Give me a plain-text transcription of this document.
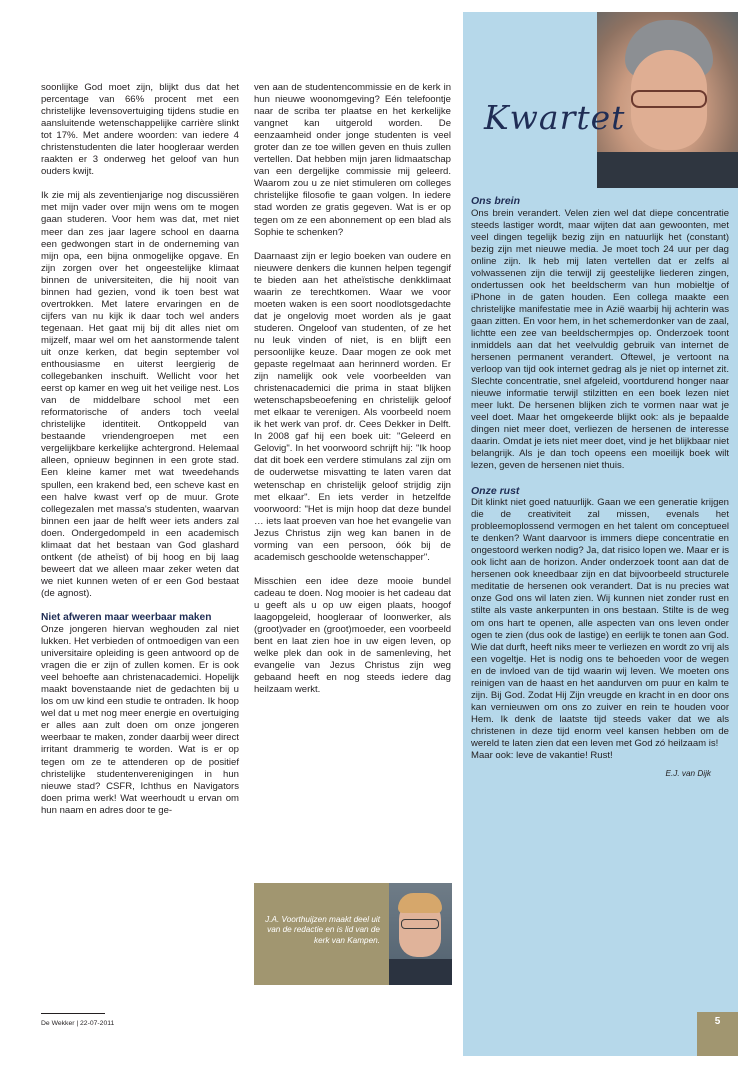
soonlijke God moet zijn, blijkt dus dat het percentage van 66% procent met een christelijke levensovertuiging tijdens studie en aansluitende wetenschappelijke carrière slinkt tot 17%. Met andere woorden: van iedere 4 christenstudenten die later hoogleraar werden raakten er 3 onderweg het geloof van hun ouders kwijt.

Ik zie mij als zeventienjarige nog discussiëren met mijn vader over mijn wens om te mogen gaan studeren. Voor hem was dat, met niet meer dan zes jaar lagere school en daarna een gedwongen start in de onderneming van mijn opa, een bijna onmogelijke opgave. En zijn zorgen over het ongeestelijke klimaat binnen de universiteiten, die hij nooit van binnen had gezien, vond ik toen best wat overtrokken. Met latere ervaringen en de cijfers van nu kijk ik daar toch wel anders tegenaan. Het gaat mij bij dit alles niet om mijzelf, maar wel om het aanstormende talent uit onze kerken, dat begin september vol enthousiasme en uiterst leergierig de collegebanken inschuift. Wellicht voor het eerst op kamer en weg uit het veilige nest. Los van de middelbare school met een reformatorische of anders toch veelal christelijke identiteit. Ontkoppeld van bestaande vriendengroepen met een vergelijkbare kerkelijke achtergrond. Helemaal alleen, opnieuw beginnen in een grote stad. Een kleine kamer met wat tweedehands spullen, een krakend bed, een scheve kast en een halve kwast verf op de muur. Grote collegezalen met massa's studenten, waarvan binnen een jaar de helft weer iets anders zal doen. Ondergedompeld in een academisch klimaat dat het bestaan van God glashard ontkent (de atheïst) of bij hoog en bij laag beweert dat we alleen maar zeker weten dat we niet kunnen weten of er een God bestaat (de agnost).

Niet afweren maar weerbaar maken

Onze jongeren hiervan weghouden zal niet lukken. Het verbieden of ontmoedigen van een universitaire opleiding is geen antwoord op de vragen die er zijn of zullen komen. Er is ook veel behoefte aan christenacademici. Hopelijk maakt bovenstaande niet de gedachten bij u los om uw kind een studie te ontraden. Ik hoop wel dat u met nog meer energie en overtuiging er alles aan zult doen om onze jongeren weerbaar te maken, zonder daarbij weer direct irritant drammerig te worden. Wat is er op tegen om ze te attenderen op de positief christelijke studentenverenigingen in hun nieuwe stad? CSFR, Ichthus en Navigators doen prima werk! Wat weerhoudt u ervan om hun naam en adres door te ge-

ven aan de studentencommissie en de kerk in hun nieuwe woonomgeving? Eén telefoontje naar de scriba ter plaatse en het kerkelijke vangnet kan uitgerold worden. De eenzaamheid onder jonge studenten is veel groter dan ze toe willen geven en thuis zullen vertellen. Dat hebben mijn jaren lidmaatschap van een dergelijke commissie mij geleerd. Waarom zou u ze niet stimuleren om colleges christelijke filosofie te gaan volgen. In iedere stad worden ze gratis gegeven. Wat is er op tegen om ze een abonnement op een blad als Sophie te schenken?

Daarnaast zijn er legio boeken van oudere en nieuwere denkers die kunnen helpen tegengif te bieden aan het atheïstische denkklimaat waarin ze terechtkomen. Waar we voor moeten waken is een soort noodlotsgedachte dat je ongelovig moet worden als je gaat studeren. Ongeloof van studenten, of ze het nu leuk vinden of niet, is en blijft een persoonlijke keuze. Daar mogen ze ook met gepaste regelmaat aan herinnerd worden. Er zijn namelijk ook vele voorbeelden van christenacademici die prima in staat blijken wetenschapsbeoefening en christelijk geloof met elkaar te verenigen. Als voorbeeld noem ik het werk van prof. dr. Cees Dekker in Delft. In 2008 gaf hij een boek uit: "Geleerd en Gelovig". In het voorwoord schrijft hij: "Ik hoop dat dit boek een verdere stimulans zal zijn om de ouderwetse misvatting te laten varen dat wetenschap en christelijk geloof strijdig zijn met elkaar". En iets verder in hetzelfde voorwoord: "Het is mijn hoop dat deze bundel … iets laat proeven van hoe het evangelie van Jezus Christus zijn weg kan banen in de vorming van een persoon, óók bij de academisch geschoolde wetenschapper".

Misschien een idee deze mooie bundel cadeau te doen. Nog mooier is het cadeau dat u geeft als u op uw eigen plaats, hoogof laagopgeleid, hoogleraar of loonwerker, als (groot)vader en (groot)moeder, een voorbeeld bent en laat zien hoe in uw eigen leven, op welke plek dan ook in de samenleving, het evangelie van Jezus Christus zijn weg gebaand heeft en nog steeds iedere dag heilzaam werkt.

J.A. Voorthuijzen maakt deel uit van de redactie en is lid van de kerk van Kampen.
Kwartet
Ons brein

Ons brein verandert. Velen zien wel dat diepe concentratie steeds lastiger wordt, maar wijten dat aan gewoonten, met veel dingen tegelijk bezig zijn en natuurlijk het (constant) bezig zijn met nieuwe media. Je moet toch 24 uur per dag online zijn. Ik heb mij laten vertellen dat er zelfs al volwassenen zijn die terwijl zij geestelijke liederen zingen, ondertussen ook het beeldscherm van hun mobieltje of iPhone in de gaten houden. Een collega maakte een christelijke manifestatie mee in Azië waarbij hij achterin was gaan zitten. En voor hem, in het schemerdonker van de zaal, lichtte een zee van beeldschermpjes op. Onderzoek toont inmiddels aan dat het veelvuldig gebruik van internet de hersenen permanent verandert. Oftewel, je vertoont na verloop van tijd ook internet gedrag als je niet op internet zit. Slechte concentratie, snel afgeleid, voortdurend honger naar nieuwe informatie terwijl stilzitten en een boek lezen niet meer lukt. De hersenen blijken zich te vormen naar wat je veel doet. Maar het omgekeerde blijkt ook: als je bepaalde dingen niet meer doet, verliezen de hersenen de interesse daarin. Omdat je iets niet meer doet, vind je het blijkbaar niet belangrijk. Als je dan toch opeens een moeilijk boek wilt lezen, geven de hersenen niet thuis.

Onze rust

Dit klinkt niet goed natuurlijk. Gaan we een generatie krijgen die de creativiteit zal missen, evenals het probleemoplossend vermogen en het talent om conceptueel te denken? Want daarvoor is immers diepe concentratie en ongestoord werken nodig? Ja, dat risico lopen we. Maar er is ook licht aan de horizon. Ander onderzoek toont aan dat de hersenen ook kneedbaar zijn en dat bijvoorbeeld structurele meditatie de hersenen ook verandert. Dat is nu precies wat onze God ons wil laten zien. Wij kunnen niet zonder rust en stilte als vaste ankerpunten in ons bestaan. Stilte is de weg om ons hart te openen, alle aspecten van ons leven onder ogen te zien (dus ook de lastige) en eerlijk te tonen aan God. Wie dat durft, heeft niks meer te verliezen en wordt zo vrij als een vogeltje. Het is nodig ons te behoeden voor de wegen en de invloed van de tijd waarin wij leven. We moeten ons reinigen van de haast en het aandurven om puur en kalm te zijn. Bij God. Zodat Hij Zijn vreugde en kracht in en door ons kan vernieuwen om ons zo zuiver en rein te houden voor Hem. Ik denk de laatste tijd steeds vaker dat we als christenen in deze tijd enorm veel kansen hebben om de wereld te laten zien dat een leven met God zó heilzaam is!

Maar ook: leve de vakantie! Rust!

E.J. van Dijk
De Wekker | 22-07-2011	5
